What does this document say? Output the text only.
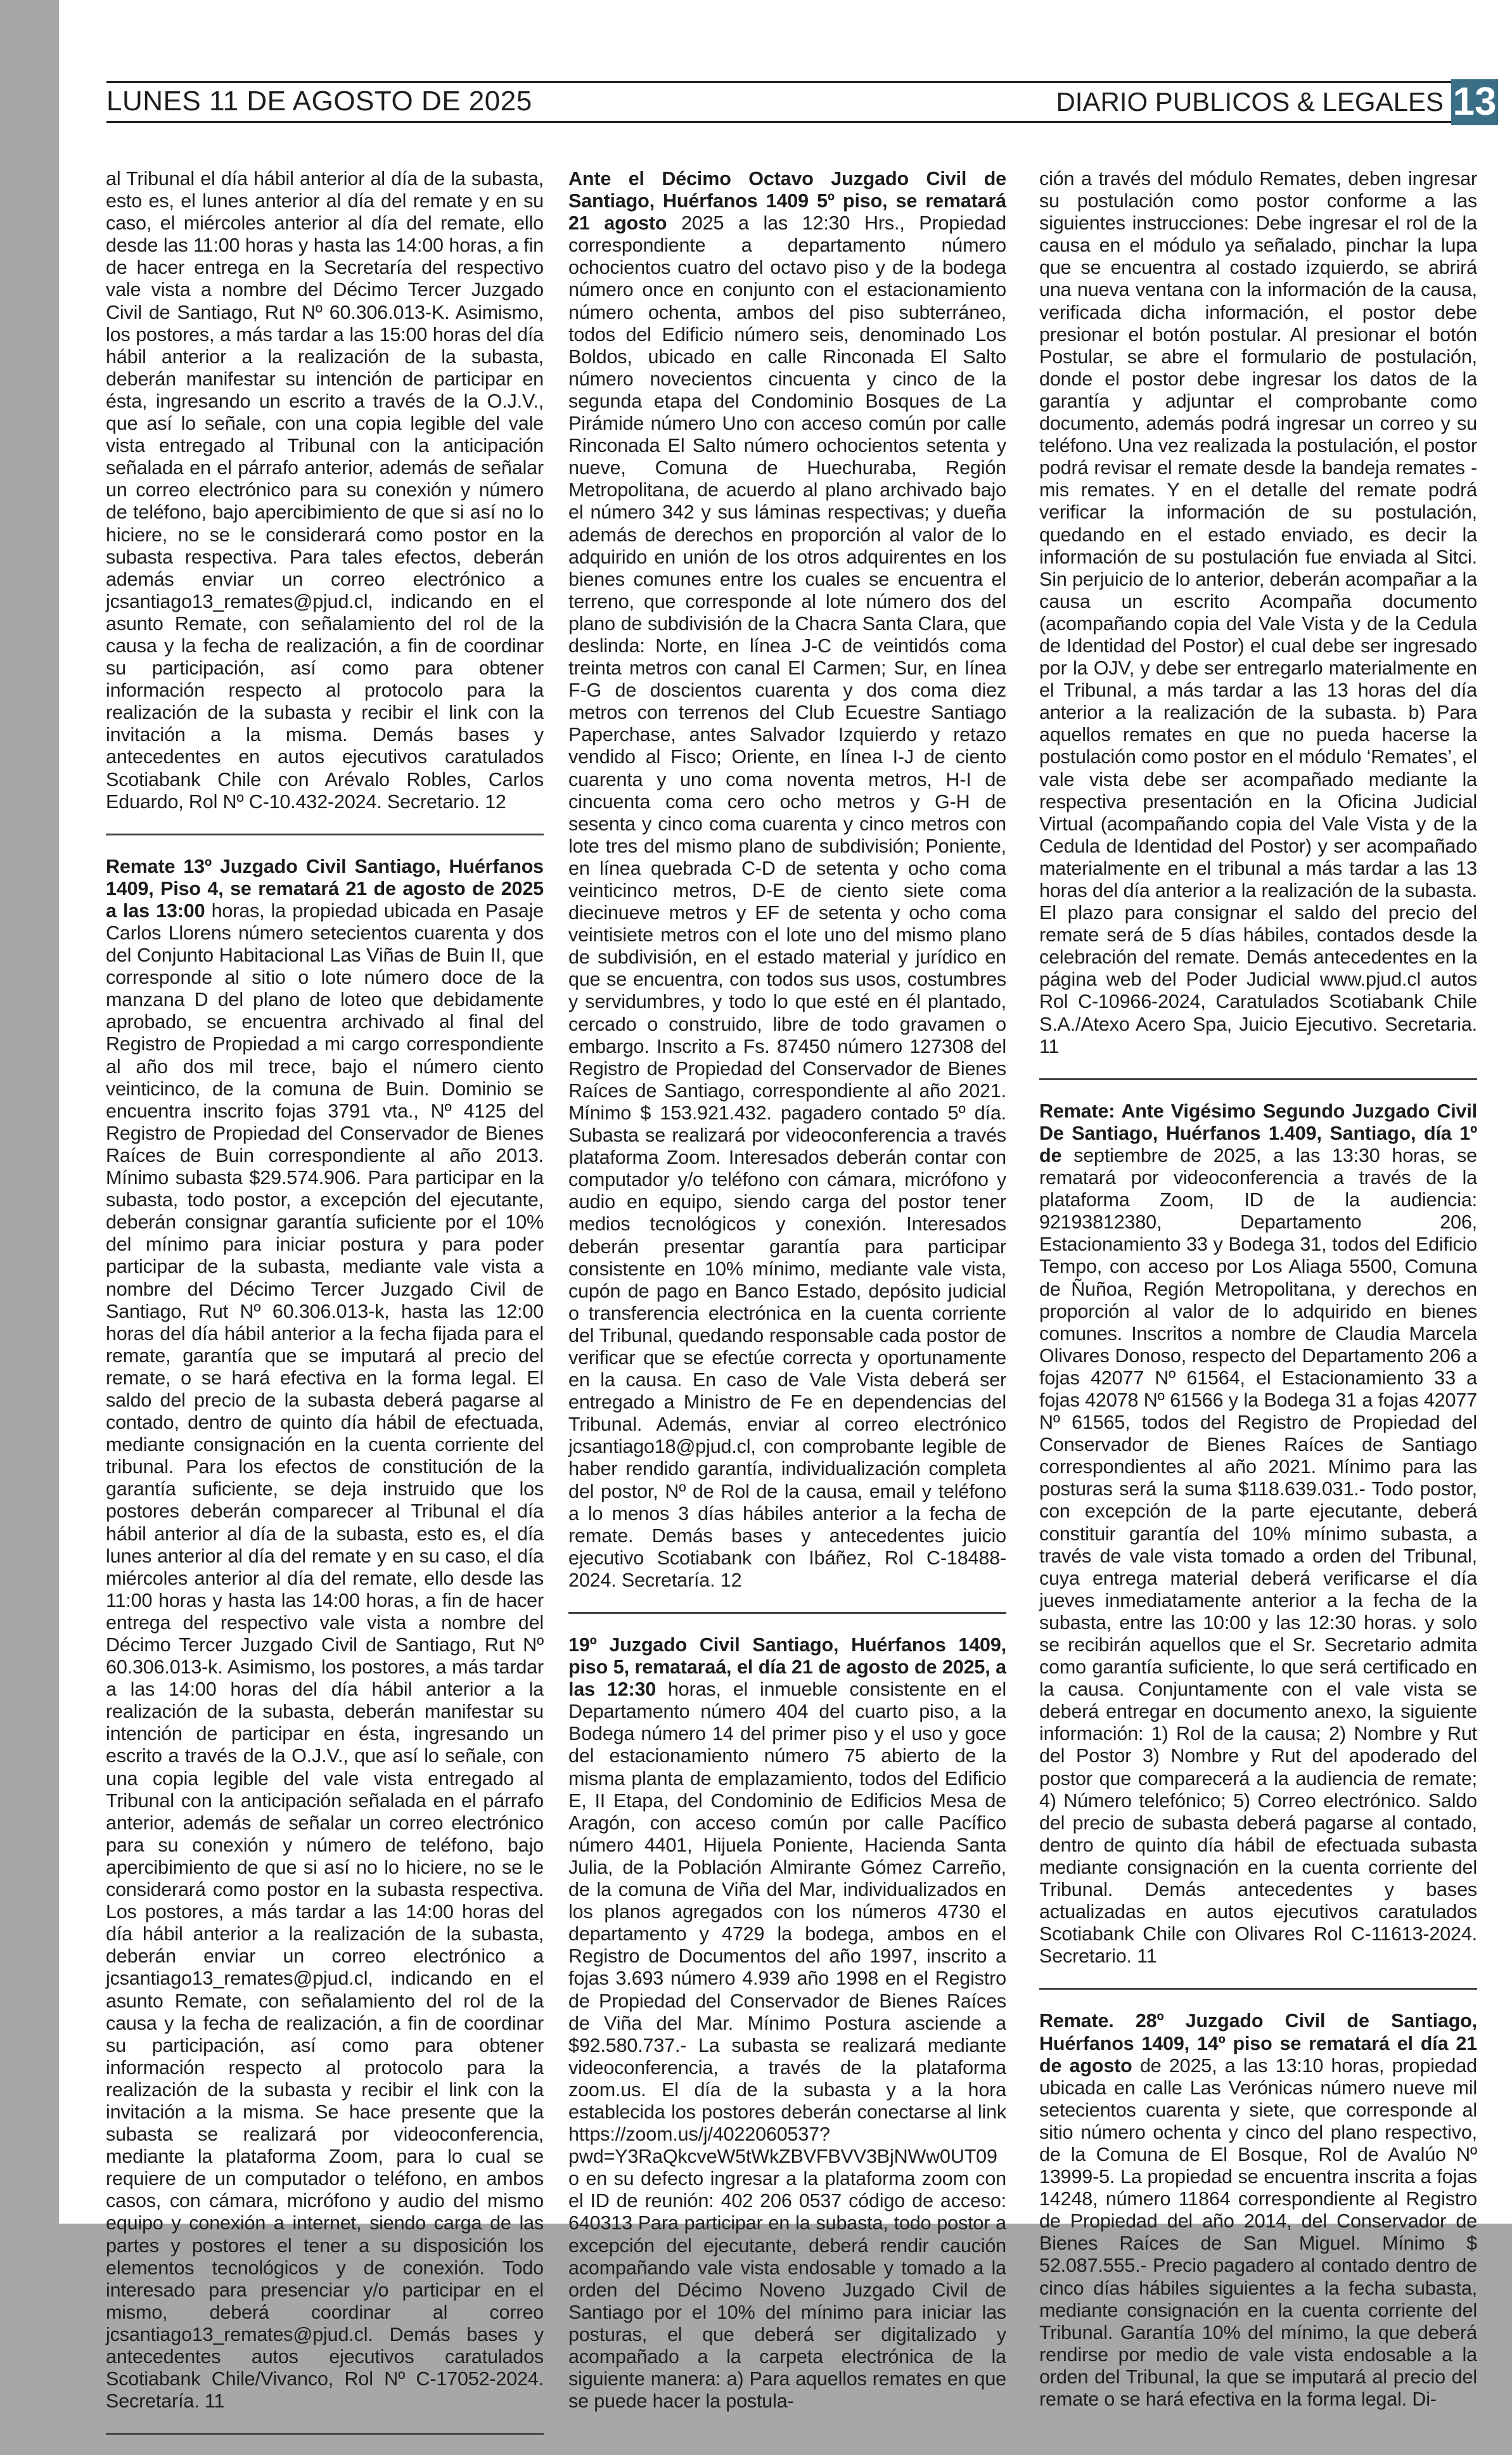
LUNES 11 DE AGOSTO DE 2025	DIARIO PUBLICOS & LEGALES 13

al Tribunal el día hábil anterior al día de la subasta, esto es, el lunes anterior al día del remate y en su caso, el miércoles anterior al día del remate, ello desde las 11:00 horas y hasta las 14:00 horas, a fin de hacer entrega en la Secretaría del respectivo vale vista a nombre del Décimo Tercer Juzgado Civil de Santiago, Rut Nº 60.306.013-K. Asimismo, los postores, a más tardar a las 15:00 horas del día hábil anterior a la realización de la subasta, deberán manifestar su intención de participar en ésta, ingresando un escrito a través de la O.J.V., que así lo señale, con una copia legible del vale vista entregado al Tribunal con la anticipación señalada en el párrafo anterior, además de señalar un correo electrónico para su conexión y número de teléfono, bajo apercibimiento de que si así no lo hiciere, no se le considerará como postor en la subasta respectiva. Para tales efectos, deberán además enviar un correo electrónico a jcsantiago13_remates@pjud.cl, indicando en el asunto Remate, con señalamiento del rol de la causa y la fecha de realización, a fin de coordinar su participación, así como para obtener información respecto al protocolo para la realización de la subasta y recibir el link con la invitación a la misma. Demás bases y antecedentes en autos ejecutivos caratulados Scotiabank Chile con Arévalo Robles, Carlos Eduardo, Rol Nº C-10.432-2024. Secretario. 12

Remate 13º Juzgado Civil Santiago, Huérfanos 1409, Piso 4, se rematará 21 de agosto de 2025 a las 13:00 horas, la propiedad ubicada en Pasaje Carlos Llorens número setecientos cuarenta y dos del Conjunto Habitacional Las Viñas de Buin II, que corresponde al sitio o lote número doce de la manzana D del plano de loteo que debidamente aprobado, se encuentra archivado al final del Registro de Propiedad a mi cargo correspondiente al año dos mil trece, bajo el número ciento veinticinco, de la comuna de Buin. Dominio se encuentra inscrito fojas 3791 vta., Nº 4125 del Registro de Propiedad del Conservador de Bienes Raíces de Buin correspondiente al año 2013. Mínimo subasta $29.574.906. Para participar en la subasta, todo postor, a excepción del ejecutante, deberán consignar garantía suficiente por el 10% del mínimo para iniciar postura y para poder participar de la subasta, mediante vale vista a nombre del Décimo Tercer Juzgado Civil de Santiago, Rut Nº 60.306.013-k, hasta las 12:00 horas del día hábil anterior a la fecha fijada para el remate, garantía que se imputará al precio del remate, o se hará efectiva en la forma legal. El saldo del precio de la subasta deberá pagarse al contado, dentro de quinto día hábil de efectuada, mediante consignación en la cuenta corriente del tribunal. Para los efectos de constitución de la garantía suficiente, se deja instruido que los postores deberán comparecer al Tribunal el día hábil anterior al día de la subasta, esto es, el día lunes anterior al día del remate y en su caso, el día miércoles anterior al día del remate, ello desde las 11:00 horas y hasta las 14:00 horas, a fin de hacer entrega del respectivo vale vista a nombre del Décimo Tercer Juzgado Civil de Santiago, Rut Nº 60.306.013-k. Asimismo, los postores, a más tardar a las 14:00 horas del día hábil anterior a la realización de la subasta, deberán manifestar su intención de participar en ésta, ingresando un escrito a través de la O.J.V., que así lo señale, con una copia legible del vale vista entregado al Tribunal con la anticipación señalada en el párrafo anterior, además de señalar un correo electrónico para su conexión y número de teléfono, bajo apercibimiento de que si así no lo hiciere, no se le considerará como postor en la subasta respectiva. Los postores, a más tardar a las 14:00 horas del día hábil anterior a la realización de la subasta, deberán enviar un correo electrónico a jcsantiago13_remates@pjud.cl, indicando en el asunto Remate, con señalamiento del rol de la causa y la fecha de realización, a fin de coordinar su participación, así como para obtener información respecto al protocolo para la realización de la subasta y recibir el link con la invitación a la misma. Se hace presente que la subasta se realizará por videoconferencia, mediante la plataforma Zoom, para lo cual se requiere de un computador o teléfono, en ambos casos, con cámara, micrófono y audio del mismo equipo y conexión a internet, siendo carga de las partes y postores el tener a su disposición los elementos tecnológicos y de conexión. Todo interesado para presenciar y/o participar en el mismo, deberá coordinar al correo jcsantiago13_remates@pjud.cl. Demás bases y antecedentes autos ejecutivos caratulados Scotiabank Chile/Vivanco, Rol Nº C-17052-2024. Secretaría. 11

Ante el Décimo Octavo Juzgado Civil de Santiago, Huérfanos 1409 5º piso, se rematará 21 agosto 2025 a las 12:30 Hrs., Propiedad correspondiente a departamento número ochocientos cuatro del octavo piso y de la bodega número once en conjunto con el estacionamiento número ochenta, ambos del piso subterráneo, todos del Edificio número seis, denominado Los Boldos, ubicado en calle Rinconada El Salto número novecientos cincuenta y cinco de la segunda etapa del Condominio Bosques de La Pirámide número Uno con acceso común por calle Rinconada El Salto número ochocientos setenta y nueve, Comuna de Huechuraba, Región Metropolitana, de acuerdo al plano archivado bajo el número 342 y sus láminas respectivas; y dueña además de derechos en proporción al valor de lo adquirido en unión de los otros adquirentes en los bienes comunes entre los cuales se encuentra el terreno, que corresponde al lote número dos del plano de subdivisión de la Chacra Santa Clara, que deslinda: Norte, en línea J-C de veintidós coma treinta metros con canal El Carmen; Sur, en línea F-G de doscientos cuarenta y dos coma diez metros con terrenos del Club Ecuestre Santiago Paperchase, antes Salvador Izquierdo y retazo vendido al Fisco; Oriente, en línea I-J de ciento cuarenta y uno coma noventa metros, H-I de cincuenta coma cero ocho metros y G-H de sesenta y cinco coma cuarenta y cinco metros con lote tres del mismo plano de subdivisión; Poniente, en línea quebrada C-D de setenta y ocho coma veinticinco metros, D-E de ciento siete coma diecinueve metros y EF de setenta y ocho coma veintisiete metros con el lote uno del mismo plano de subdivisión, en el estado material y jurídico en que se encuentra, con todos sus usos, costumbres y servidumbres, y todo lo que esté en él plantado, cercado o construido, libre de todo gravamen o embargo. Inscrito a Fs. 87450 número 127308 del Registro de Propiedad del Conservador de Bienes Raíces de Santiago, correspondiente al año 2021. Mínimo $ 153.921.432. pagadero contado 5º día. Subasta se realizará por videoconferencia a través plataforma Zoom. Interesados deberán contar con computador y/o teléfono con cámara, micrófono y audio en equipo, siendo carga del postor tener medios tecnológicos y conexión. Interesados deberán presentar garantía para participar consistente en 10% mínimo, mediante vale vista, cupón de pago en Banco Estado, depósito judicial o transferencia electrónica en la cuenta corriente del Tribunal, quedando responsable cada postor de verificar que se efectúe correcta y oportunamente en la causa. En caso de Vale Vista deberá ser entregado a Ministro de Fe en dependencias del Tribunal. Además, enviar al correo electrónico jcsantiago18@pjud.cl, con comprobante legible de haber rendido garantía, individualización completa del postor, Nº de Rol de la causa, email y teléfono a lo menos 3 días hábiles anterior a la fecha de remate. Demás bases y antecedentes juicio ejecutivo Scotiabank con Ibáñez, Rol C-18488-2024. Secretaría. 12

19º Juzgado Civil Santiago, Huérfanos 1409, piso 5, remataraá, el día 21 de agosto de 2025, a las 12:30 horas, el inmueble consistente en el Departamento número 404 del cuarto piso, a la Bodega número 14 del primer piso y el uso y goce del estacionamiento número 75 abierto de la misma planta de emplazamiento, todos del Edificio E, II Etapa, del Condominio de Edificios Mesa de Aragón, con acceso común por calle Pacífico número 4401, Hijuela Poniente, Hacienda Santa Julia, de la Población Almirante Gómez Carreño, de la comuna de Viña del Mar, individualizados en los planos agregados con los números 4730 el departamento y 4729 la bodega, ambos en el Registro de Documentos del año 1997, inscrito a fojas 3.693 número 4.939 año 1998 en el Registro de Propiedad del Conservador de Bienes Raíces de Viña del Mar. Mínimo Postura asciende a $92.580.737.- La subasta se realizará mediante videoconferencia, a través de la plataforma zoom.us. El día de la subasta y a la hora establecida los postores deberán conectarse al link https://zoom.us/j/4022060537?pwd=Y3RaQkcveW5tWkZBVFBVV3BjNWw0UT09 o en su defecto ingresar a la plataforma zoom con el ID de reunión: 402 206 0537 código de acceso: 640313 Para participar en la subasta, todo postor a excepción del ejecutante, deberá rendir caución acompañando vale vista endosable y tomado a la orden del Décimo Noveno Juzgado Civil de Santiago por el 10% del mínimo para iniciar las posturas, el que deberá ser digitalizado y acompañado a la carpeta electrónica de la siguiente manera: a) Para aquellos remates en que se puede hacer la postula-

ción a través del módulo Remates, deben ingresar su postulación como postor conforme a las siguientes instrucciones: Debe ingresar el rol de la causa en el módulo ya señalado, pinchar la lupa que se encuentra al costado izquierdo, se abrirá una nueva ventana con la información de la causa, verificada dicha información, el postor debe presionar el botón postular. Al presionar el botón Postular, se abre el formulario de postulación, donde el postor debe ingresar los datos de la garantía y adjuntar el comprobante como documento, además podrá ingresar un correo y su teléfono. Una vez realizada la postulación, el postor podrá revisar el remate desde la bandeja remates - mis remates. Y en el detalle del remate podrá verificar la información de su postulación, quedando en el estado enviado, es decir la información de su postulación fue enviada al Sitci. Sin perjuicio de lo anterior, deberán acompañar a la causa un escrito Acompaña documento (acompañando copia del Vale Vista y de la Cedula de Identidad del Postor) el cual debe ser ingresado por la OJV, y debe ser entregarlo materialmente en el Tribunal, a más tardar a las 13 horas del día anterior a la realización de la subasta. b) Para aquellos remates en que no pueda hacerse la postulación como postor en el módulo ‘Remates’, el vale vista debe ser acompañado mediante la respectiva presentación en la Oficina Judicial Virtual (acompañando copia del Vale Vista y de la Cedula de Identidad del Postor) y ser acompañado materialmente en el tribunal a más tardar a las 13 horas del día anterior a la realización de la subasta. El plazo para consignar el saldo del precio del remate será de 5 días hábiles, contados desde la celebración del remate. Demás antecedentes en la página web del Poder Judicial www.pjud.cl autos Rol C-10966-2024, Caratulados Scotiabank Chile S.A./Atexo Acero Spa, Juicio Ejecutivo. Secretaria. 11

Remate: Ante Vigésimo Segundo Juzgado Civil De Santiago, Huérfanos 1.409, Santiago, día 1º de septiembre de 2025, a las 13:30 horas, se rematará por videoconferencia a través de la plataforma Zoom, ID de la audiencia: 92193812380, Departamento 206, Estacionamiento 33 y Bodega 31, todos del Edificio Tempo, con acceso por Los Aliaga 5500, Comuna de Ñuñoa, Región Metropolitana, y derechos en proporción al valor de lo adquirido en bienes comunes. Inscritos a nombre de Claudia Marcela Olivares Donoso, respecto del Departamento 206 a fojas 42077 Nº 61564, el Estacionamiento 33 a fojas 42078 Nº 61566 y la Bodega 31 a fojas 42077 Nº 61565, todos del Registro de Propiedad del Conservador de Bienes Raíces de Santiago correspondientes al año 2021. Mínimo para las posturas será la suma $118.639.031.- Todo postor, con excepción de la parte ejecutante, deberá constituir garantía del 10% mínimo subasta, a través de vale vista tomado a orden del Tribunal, cuya entrega material deberá verificarse el día jueves inmediatamente anterior a la fecha de la subasta, entre las 10:00 y las 12:30 horas. y solo se recibirán aquellos que el Sr. Secretario admita como garantía suficiente, lo que será certificado en la causa. Conjuntamente con el vale vista se deberá entregar en documento anexo, la siguiente información: 1) Rol de la causa; 2) Nombre y Rut del Postor 3) Nombre y Rut del apoderado del postor que comparecerá a la audiencia de remate; 4) Número telefónico; 5) Correo electrónico. Saldo del precio de subasta deberá pagarse al contado, dentro de quinto día hábil de efectuada subasta mediante consignación en la cuenta corriente del Tribunal. Demás antecedentes y bases actualizadas en autos ejecutivos caratulados Scotiabank Chile con Olivares Rol C-11613-2024. Secretario. 11

Remate. 28º Juzgado Civil de Santiago, Huérfanos 1409, 14º piso se rematará el día 21 de agosto de 2025, a las 13:10 horas, propiedad ubicada en calle Las Verónicas número nueve mil setecientos cuarenta y siete, que corresponde al sitio número ochenta y cinco del plano respectivo, de la Comuna de El Bosque, Rol de Avalúo Nº 13999-5. La propiedad se encuentra inscrita a fojas 14248, número 11864 correspondiente al Registro de Propiedad del año 2014, del Conservador de Bienes Raíces de San Miguel. Mínimo $ 52.087.555.- Precio pagadero al contado dentro de cinco días hábiles siguientes a la fecha subasta, mediante consignación en la cuenta corriente del Tribunal. Garantía 10% del mínimo, la que deberá rendirse por medio de vale vista endosable a la orden del Tribunal, la que se imputará al precio del remate o se hará efectiva en la forma legal. Di-
